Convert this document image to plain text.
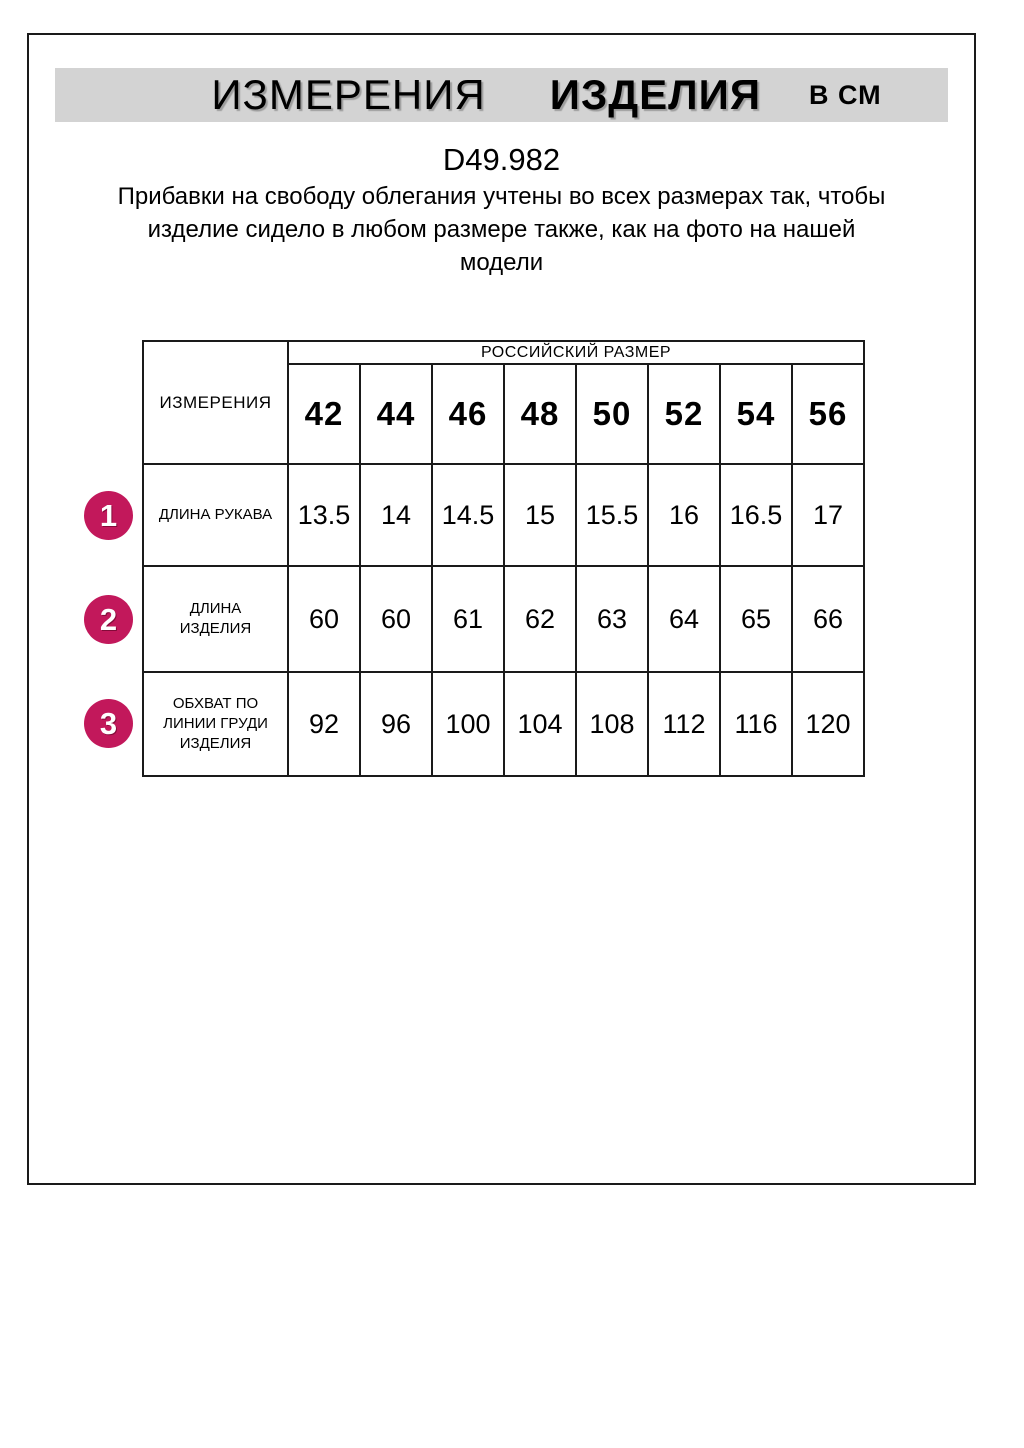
ИЗМЕРЕНИЯ ИЗДЕЛИЯ В СМ
D49.982
Прибавки на свободу облегания учтены во всех размерах так, чтобы
изделие сидело в любом размере также, как на фото на нашей
модели
ИЗМЕРЕНИЯ	РОССИЙСКИЙ РАЗМЕР							
	42	44	46	48	50	52	54	56
ДЛИНА РУКАВА	13.5	14	14.5	15	15.5	16	16.5	17
ДЛИНА ИЗДЕЛИЯ	60	60	61	62	63	64	65	66
ОБХВАТ ПО ЛИНИИ ГРУДИ ИЗДЕЛИЯ	92	96	100	104	108	112	116	120
1
2
3
